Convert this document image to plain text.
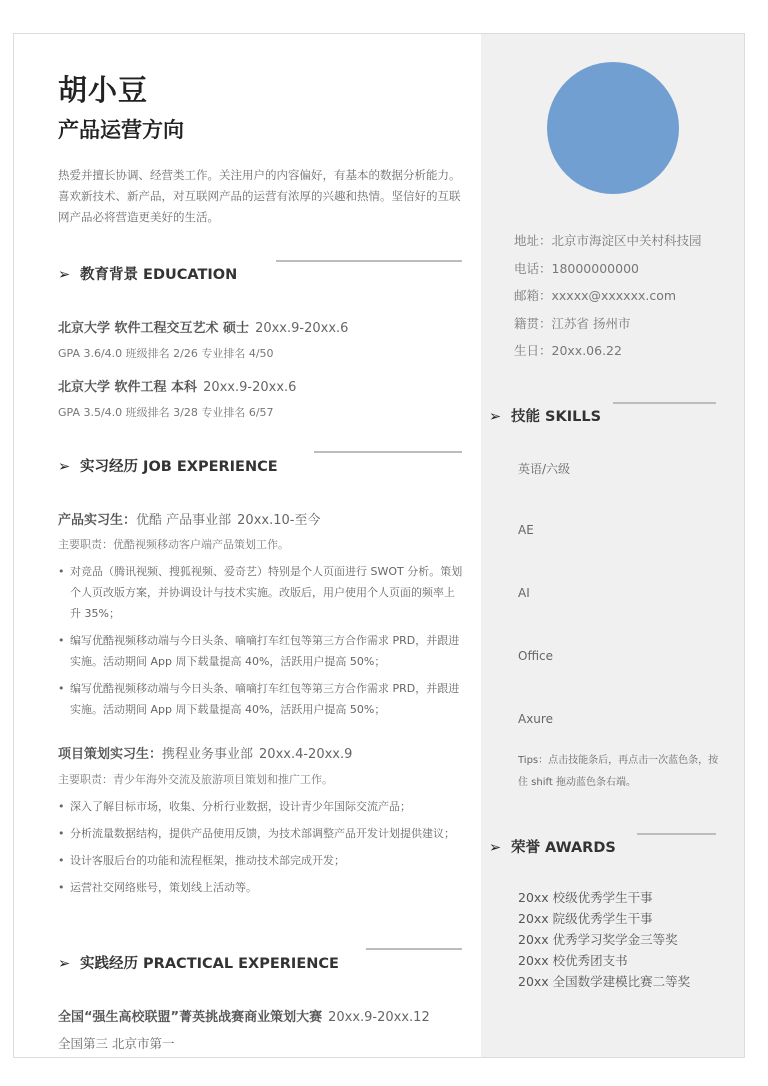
地址：北京市海淀区中关村科技园
电话：18000000000
邮箱：xxxxx@xxxxxx.com
籍贯：江苏省 扬州市
生日：20xx.06.22
➢ 技能 SKILLS
英语/六级
AE
AI
Office
Axure
Tips：点击技能条后，再点击一次蓝色条，按住 shift 拖动蓝色条右端。
➢ 荣誉 AWARDS
20xx 校级优秀学生干事
20xx 院级优秀学生干事
20xx 优秀学习奖学金三等奖
20xx 校优秀团支书
20xx 全国数学建模比赛二等奖
胡小豆
产品运营方向
热爱并擅长协调、经营类工作。关注用户的内容偏好，有基本的数据分析能力。喜欢新技术、新产品，对互联网产品的运营有浓厚的兴趣和热情。坚信好的互联网产品必将营造更美好的生活。
➢ 教育背景 EDUCATION
北京大学 软件工程交互艺术 硕士 20xx.9-20xx.6
GPA 3.6/4.0 班级排名 2/26 专业排名 4/50
北京大学 软件工程 本科 20xx.9-20xx.6
GPA 3.5/4.0 班级排名 3/28 专业排名 6/57
➢ 实习经历 JOB EXPERIENCE
产品实习生：优酷 产品事业部 20xx.10-至今
主要职责：优酷视频移动客户端产品策划工作。
• 对竞品（腾讯视频、搜狐视频、爱奇艺）特别是个人页面进行 SWOT 分析。策划个人页改版方案，并协调设计与技术实施。改版后，用户使用个人页面的频率上升 35%；
• 编写优酷视频移动端与今日头条、嘀嘀打车红包等第三方合作需求 PRD，并跟进实施。活动期间 App 周下载量提高 40%，活跃用户提高 50%；
• 编写优酷视频移动端与今日头条、嘀嘀打车红包等第三方合作需求 PRD，并跟进实施。活动期间 App 周下载量提高 40%，活跃用户提高 50%；
项目策划实习生：携程业务事业部 20xx.4-20xx.9
主要职责：青少年海外交流及旅游项目策划和推广工作。
• 深入了解目标市场，收集、分析行业数据，设计青少年国际交流产品；
• 分析流量数据结构，提供产品使用反馈，为技术部调整产品开发计划提供建议；
• 设计客服后台的功能和流程框架，推动技术部完成开发；
• 运营社交网络账号，策划线上活动等。
➢ 实践经历 PRACTICAL EXPERIENCE
全国“强生高校联盟”菁英挑战赛商业策划大赛 20xx.9-20xx.12
全国第三 北京市第一
